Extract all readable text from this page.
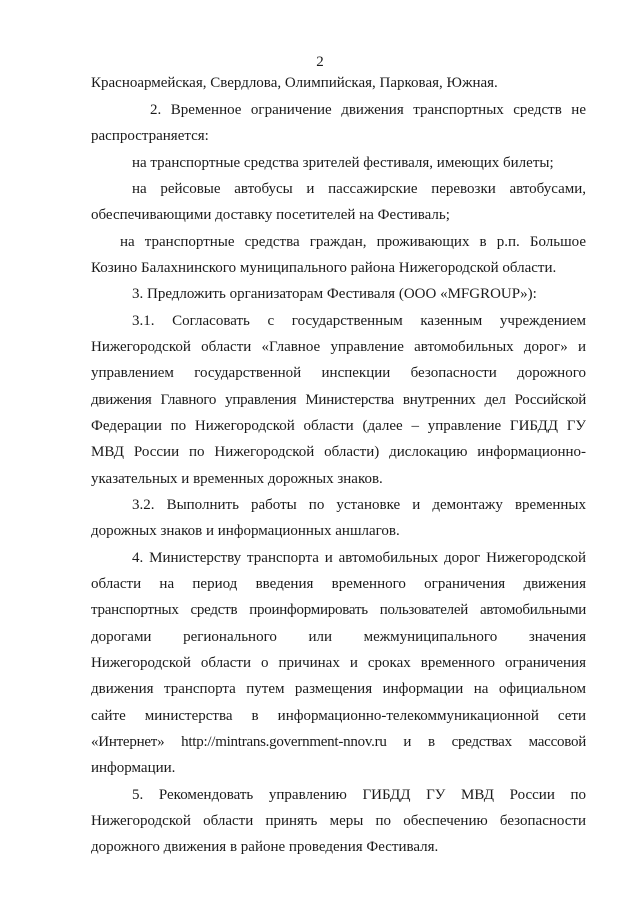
2
Красноармейская, Свердлова, Олимпийская, Парковая, Южная.
2. Временное ограничение движения транспортных средств не
распространяется:
на транспортные средства зрителей фестиваля, имеющих билеты;
на рейсовые автобусы и пассажирские перевозки автобусами,
обеспечивающими доставку посетителей на Фестиваль;
на транспортные средства граждан, проживающих в р.п. Большое
Козино Балахнинского муниципального района Нижегородской области.
3. Предложить организаторам Фестиваля (ООО «MFGROUP»):
3.1. Согласовать с государственным казенным учреждением
Нижегородской области «Главное управление автомобильных дорог» и
управлением государственной инспекции безопасности дорожного
движения Главного управления Министерства внутренних дел Российской
Федерации по Нижегородской области (далее – управление ГИБДД ГУ
МВД России по Нижегородской области) дислокацию информационно-
указательных и временных дорожных знаков.
3.2. Выполнить работы по установке и демонтажу временных
дорожных знаков и информационных аншлагов.
4. Министерству транспорта и автомобильных дорог Нижегородской
области на период введения временного ограничения движения
транспортных средств проинформировать пользователей автомобильными
дорогами регионального или межмуниципального значения
Нижегородской области о причинах и сроках временного ограничения
движения транспорта путем размещения информации на официальном
сайте министерства в информационно-телекоммуникационной сети
«Интернет» http://mintrans.government-nnov.ru и в средствах массовой
информации.
5. Рекомендовать управлению ГИБДД ГУ МВД России по
Нижегородской области принять меры по обеспечению безопасности
дорожного движения в районе проведения Фестиваля.
